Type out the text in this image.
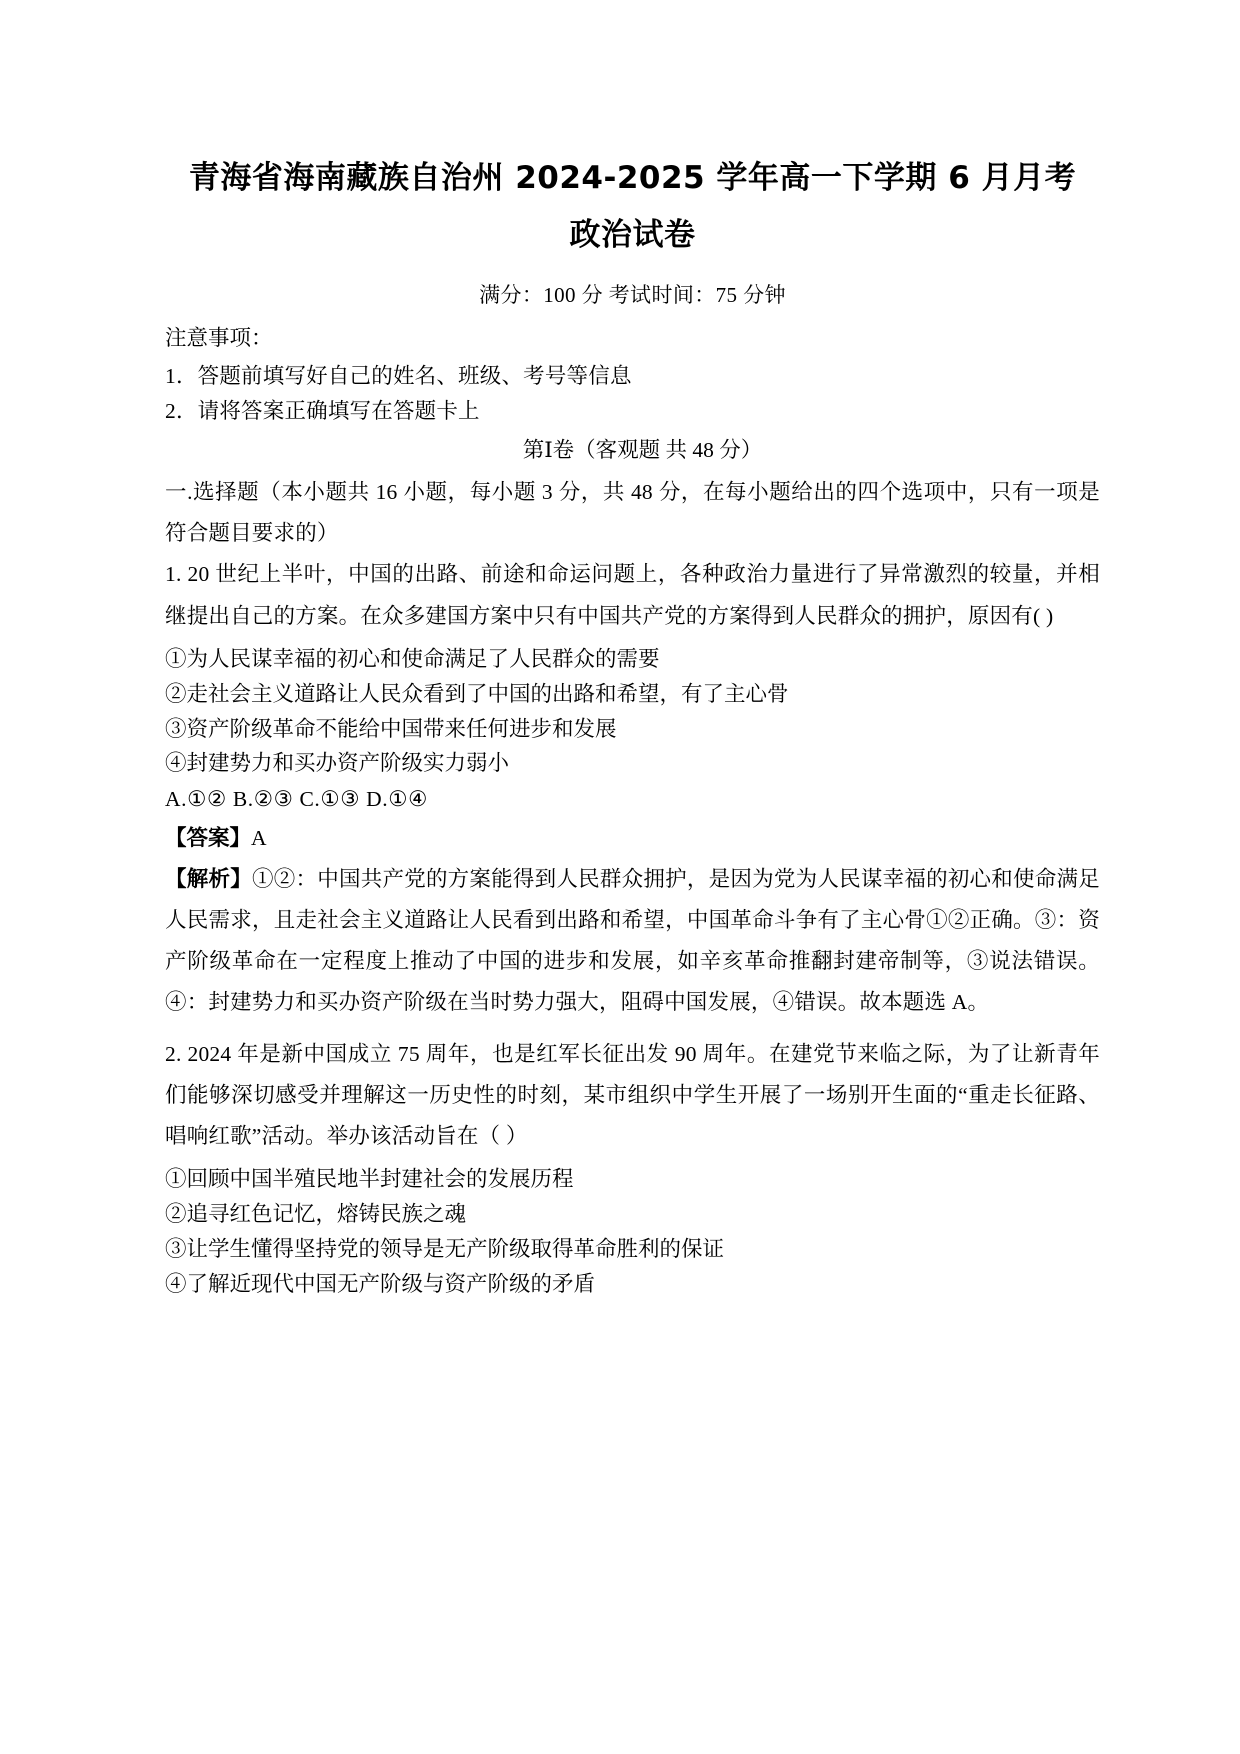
青海省海南藏族自治州 2024-2025 学年高一下学期 6 月月考
政治试卷
满分：100 分 考试时间：75 分钟
注意事项：
1．答题前填写好自己的姓名、班级、考号等信息
2．请将答案正确填写在答题卡上
第Ⅰ卷（客观题 共 48 分）
一.选择题（本小题共 16 小题，每小题 3 分，共 48 分，在每小题给出的四个选项中，只有一项是符合题目要求的）
1. 20 世纪上半叶，中国的出路、前途和命运问题上，各种政治力量进行了异常激烈的较量，并相继提出自己的方案。在众多建国方案中只有中国共产党的方案得到人民群众的拥护，原因有( )
①为人民谋幸福的初心和使命满足了人民群众的需要
②走社会主义道路让人民众看到了中国的出路和希望，有了主心骨
③资产阶级革命不能给中国带来任何进步和发展
④封建势力和买办资产阶级实力弱小
A.①② B.②③ C.①③ D.①④
【答案】A
【解析】①②：中国共产党的方案能得到人民群众拥护，是因为党为人民谋幸福的初心和使命满足人民需求，且走社会主义道路让人民看到出路和希望，中国革命斗争有了主心骨①②正确。③：资产阶级革命在一定程度上推动了中国的进步和发展，如辛亥革命推翻封建帝制等，③说法错误。④：封建势力和买办资产阶级在当时势力强大，阻碍中国发展，④错误。故本题选 A。
2. 2024 年是新中国成立 75 周年，也是红军长征出发 90 周年。在建党节来临之际，为了让新青年们能够深切感受并理解这一历史性的时刻，某市组织中学生开展了一场别开生面的“重走长征路、唱响红歌”活动。举办该活动旨在（ ）
①回顾中国半殖民地半封建社会的发展历程
②追寻红色记忆，熔铸民族之魂
③让学生懂得坚持党的领导是无产阶级取得革命胜利的保证
④了解近现代中国无产阶级与资产阶级的矛盾
